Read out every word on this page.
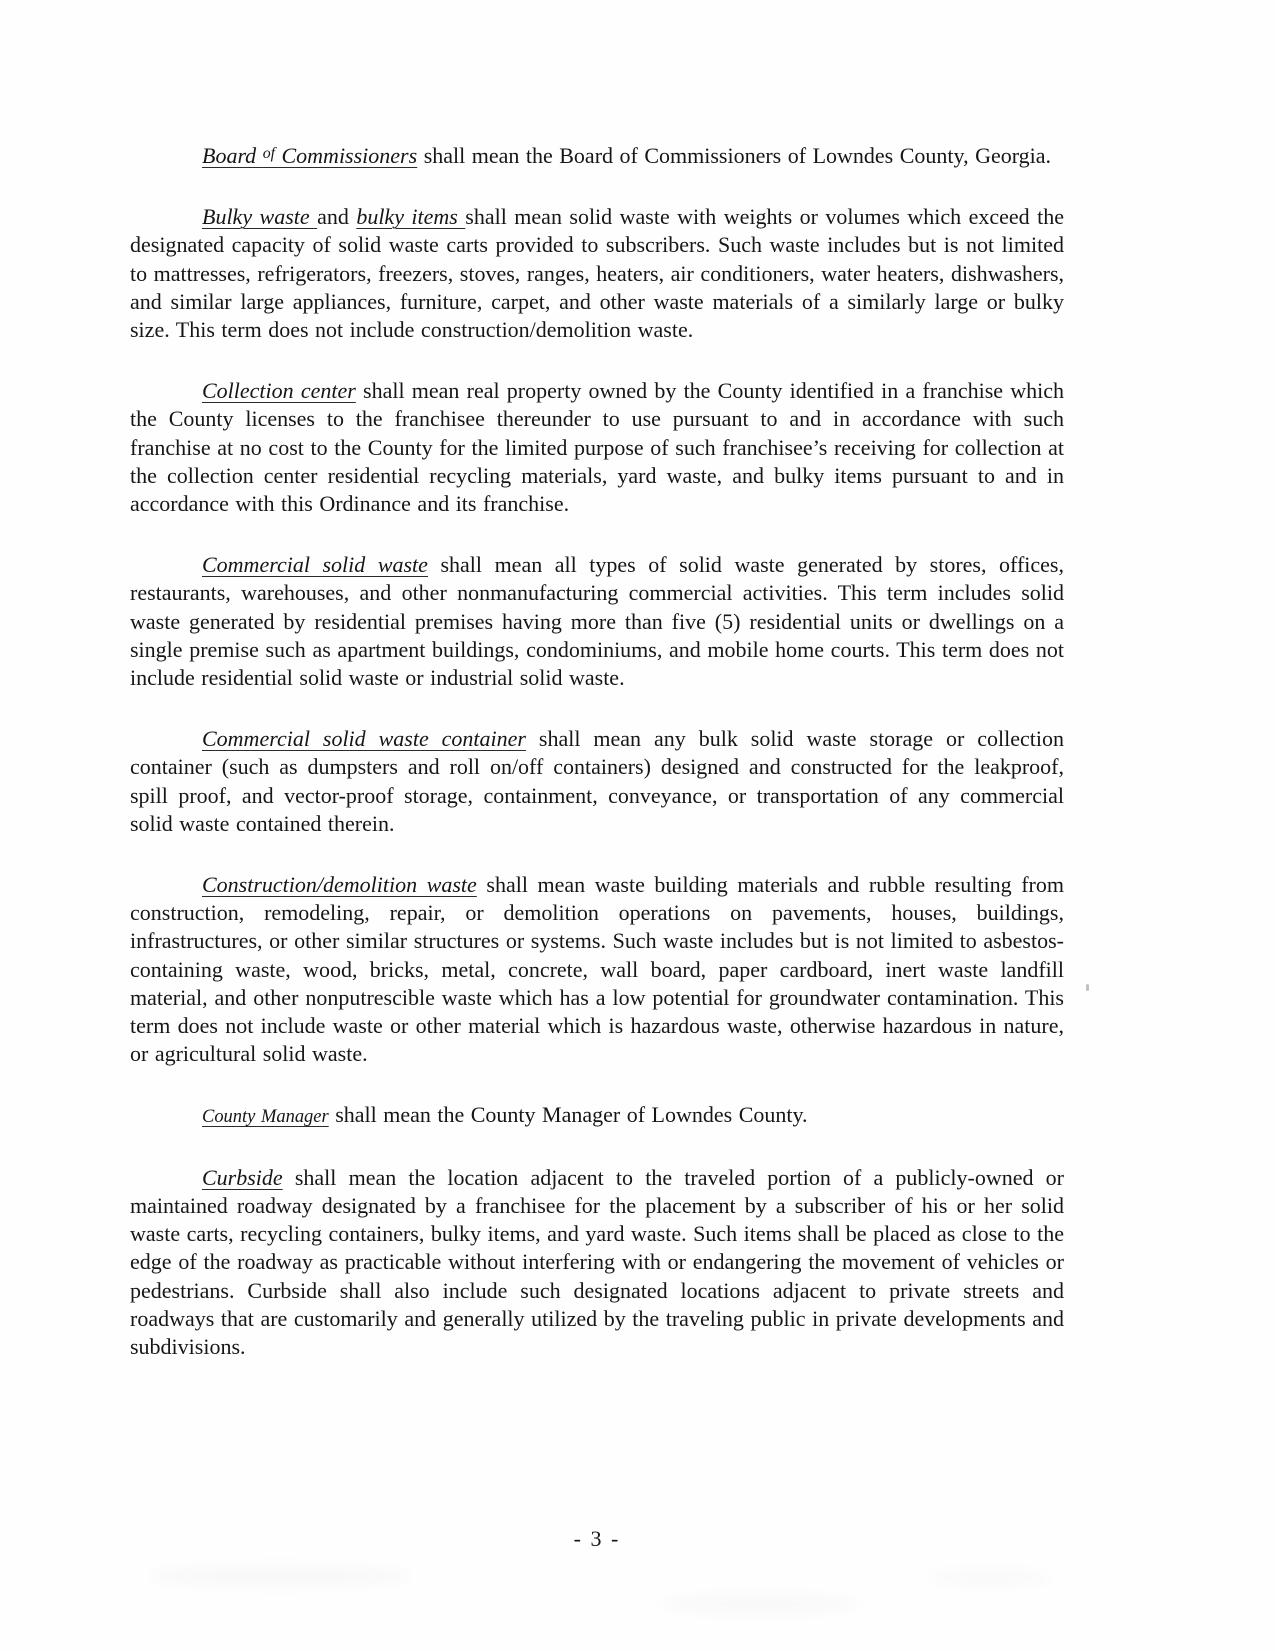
Board $^{of}$ Commissioners shall mean the Board of Commissioners of Lowndes County, Georgia.

Bulky waste and bulky items shall mean solid waste with weights or volumes which exceed the designated capacity of solid waste carts provided to subscribers. Such waste includes but is not limited to mattresses, refrigerators, freezers, stoves, ranges, heaters, air conditioners, water heaters, dishwashers, and similar large appliances, furniture, carpet, and other waste materials of a similarly large or bulky size. This term does not include construction/demolition waste.

Collection center shall mean real property owned by the County identified in a franchise which the County licenses to the franchisee thereunder to use pursuant to and in accordance with such franchise at no cost to the County for the limited purpose of such franchisee’s receiving for collection at the collection center residential recycling materials, yard waste, and bulky items pursuant to and in accordance with this Ordinance and its franchise.

Commercial solid waste shall mean all types of solid waste generated by stores, offices, restaurants, warehouses, and other nonmanufacturing commercial activities. This term includes solid waste generated by residential premises having more than five (5) residential units or dwellings on a single premise such as apartment buildings, condominiums, and mobile home courts. This term does not include residential solid waste or industrial solid waste.

Commercial solid waste container shall mean any bulk solid waste storage or collection container (such as dumpsters and roll on/off containers) designed and constructed for the leakproof, spill proof, and vector-proof storage, containment, conveyance, or transportation of any commercial solid waste contained therein.

Construction/demolition waste shall mean waste building materials and rubble resulting from construction, remodeling, repair, or demolition operations on pavements, houses, buildings, infrastructures, or other similar structures or systems. Such waste includes but is not limited to asbestos-containing waste, wood, bricks, metal, concrete, wall board, paper cardboard, inert waste landfill material, and other nonputrescible waste which has a low potential for groundwater contamination. This term does not include waste or other material which is hazardous waste, otherwise hazardous in nature, or agricultural solid waste.

County Manager shall mean the County Manager of Lowndes County.

Curbside shall mean the location adjacent to the traveled portion of a publicly-owned or maintained roadway designated by a franchisee for the placement by a subscriber of his or her solid waste carts, recycling containers, bulky items, and yard waste. Such items shall be placed as close to the edge of the roadway as practicable without interfering with or endangering the movement of vehicles or pedestrians. Curbside shall also include such designated locations adjacent to private streets and roadways that are customarily and generally utilized by the traveling public in private developments and subdivisions.

- 3 -
